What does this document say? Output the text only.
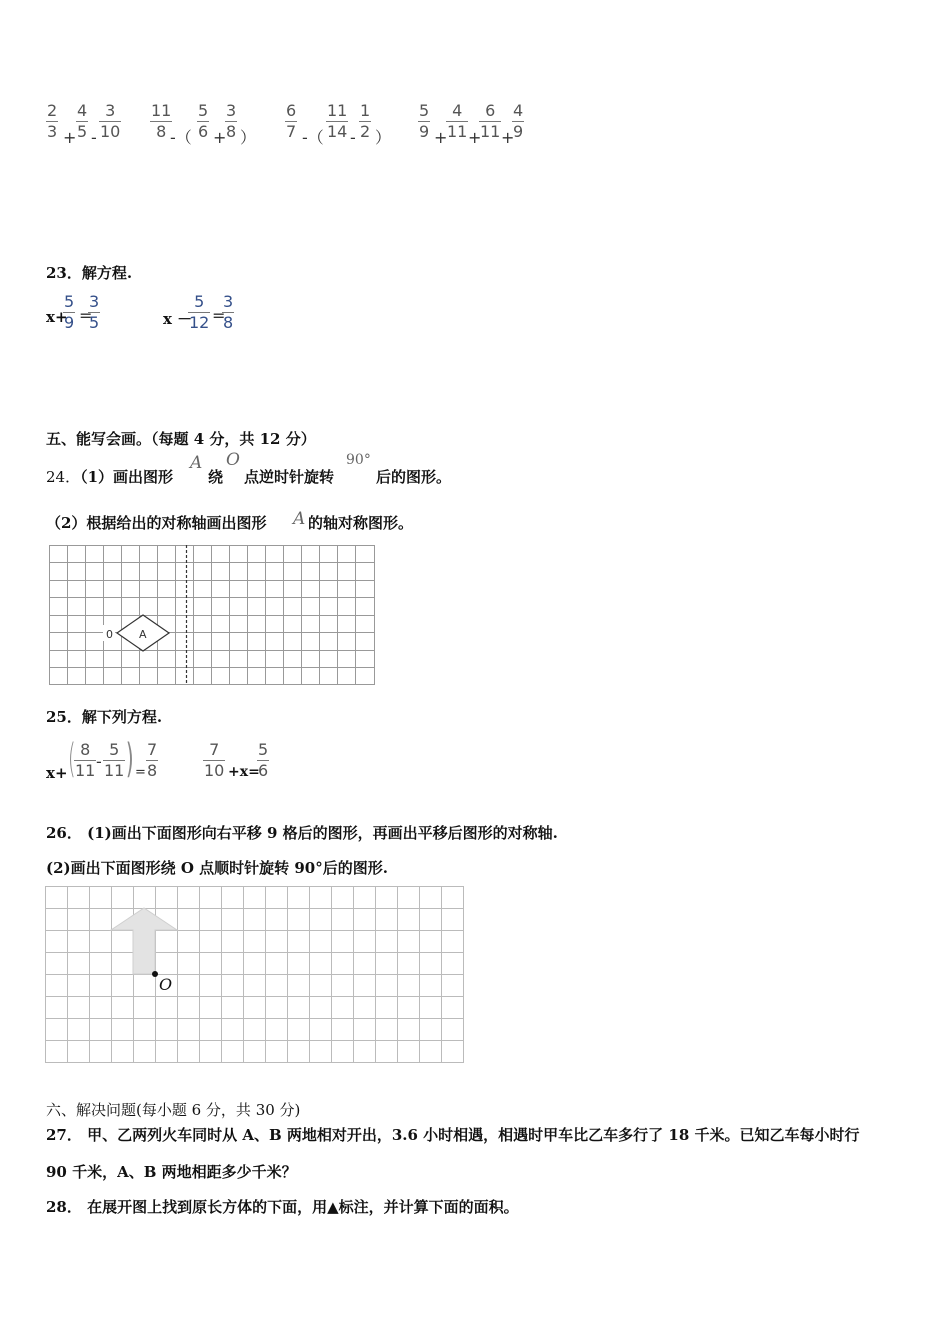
2
3 +
4
5 -
3
10
11
8 -（
5
6 +
3
8 ）
6
7 -（
11
14 -
1
2 ）
5
9 +
4
11 +
6
11 +
4
9
23．解方程.
x+
5
9 =
3
5	x －
5
12 =
3
8
五、能写会画。（每题 4 分，共 12 分）
24．（1）画出图形
A
绕
O
点逆时针旋转
90°
后的图形。
（2）根据给出的对称轴画出图形 A 的轴对称图形。
0 A
25．解下列方程.
x+ ( 8
11 -
5
11 ) =
7
8
7
10 +x=
5
6
26． (1)画出下面图形向右平移 9 格后的图形，再画出平移后图形的对称轴.
(2)画出下面图形绕 O 点顺时针旋转 90°后的图形.
O
六、解决问题(每小题 6 分，共 30 分)
27． 甲、乙两列火车同时从 A、B 两地相对开出，3.6 小时相遇，相遇时甲车比乙车多行了 18 千米。已知乙车每小时行
90 千米，A、B 两地相距多少千米？
28． 在展开图上找到原长方体的下面，用▲标注，并计算下面的面积。
